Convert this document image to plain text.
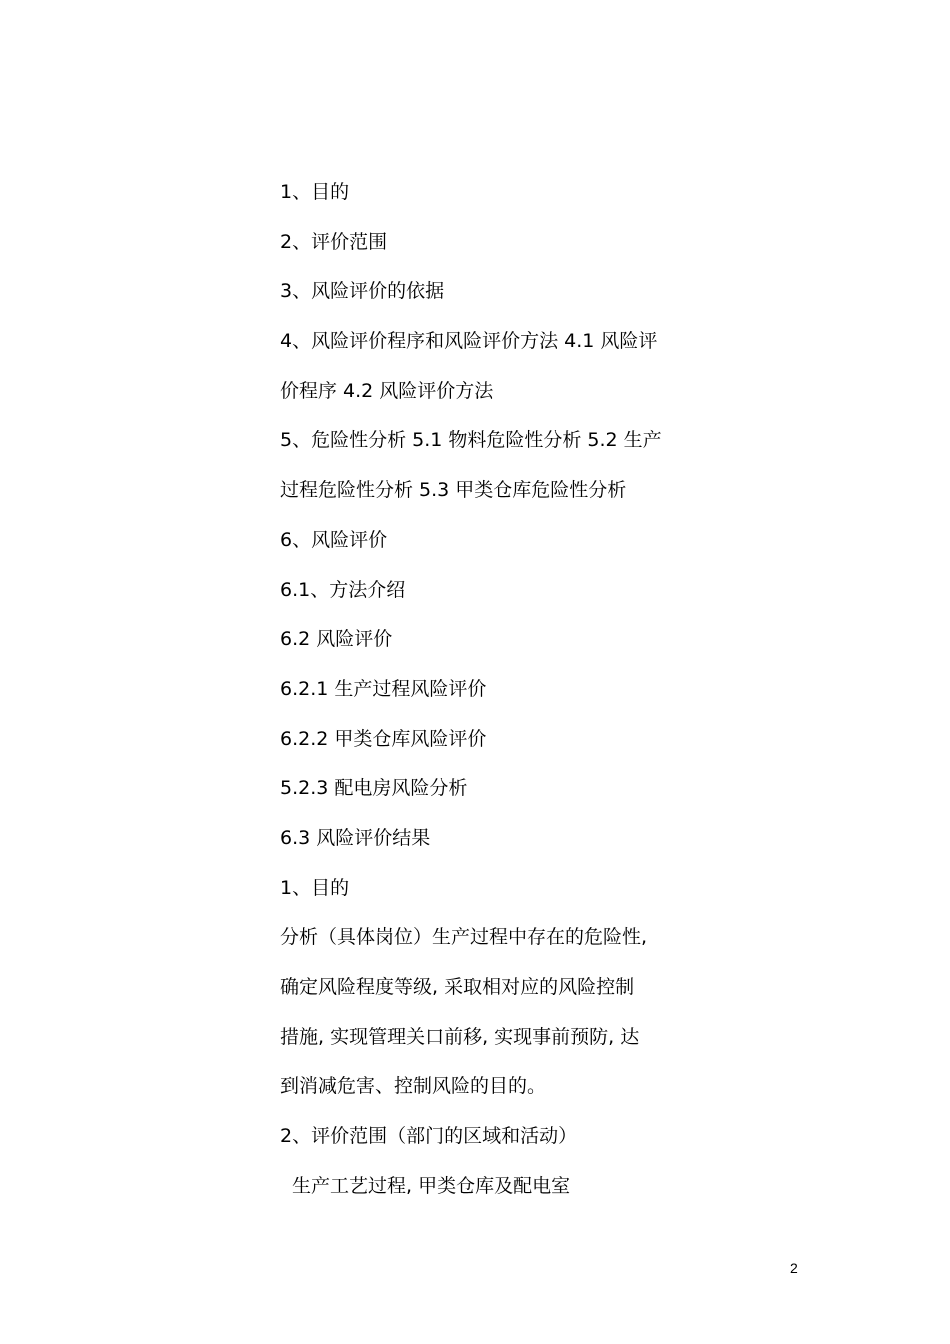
1、目的
2、评价范围
3、风险评价的依据
4、风险评价程序和风险评价方法 4.1 风险评
价程序 4.2 风险评价方法
5、危险性分析 5.1 物料危险性分析 5.2 生产
过程危险性分析 5.3 甲类仓库危险性分析
6、风险评价
6.1、方法介绍
6.2 风险评价
6.2.1 生产过程风险评价
6.2.2 甲类仓库风险评价
5.2.3 配电房风险分析
6.3 风险评价结果
1、目的
分析（具体岗位）生产过程中存在的危险性,
确定风险程度等级, 采取相对应的风险控制
措施, 实现管理关口前移, 实现事前预防, 达
到消减危害、控制风险的目的。
2、评价范围（部门的区域和活动）
生产工艺过程, 甲类仓库及配电室
2
